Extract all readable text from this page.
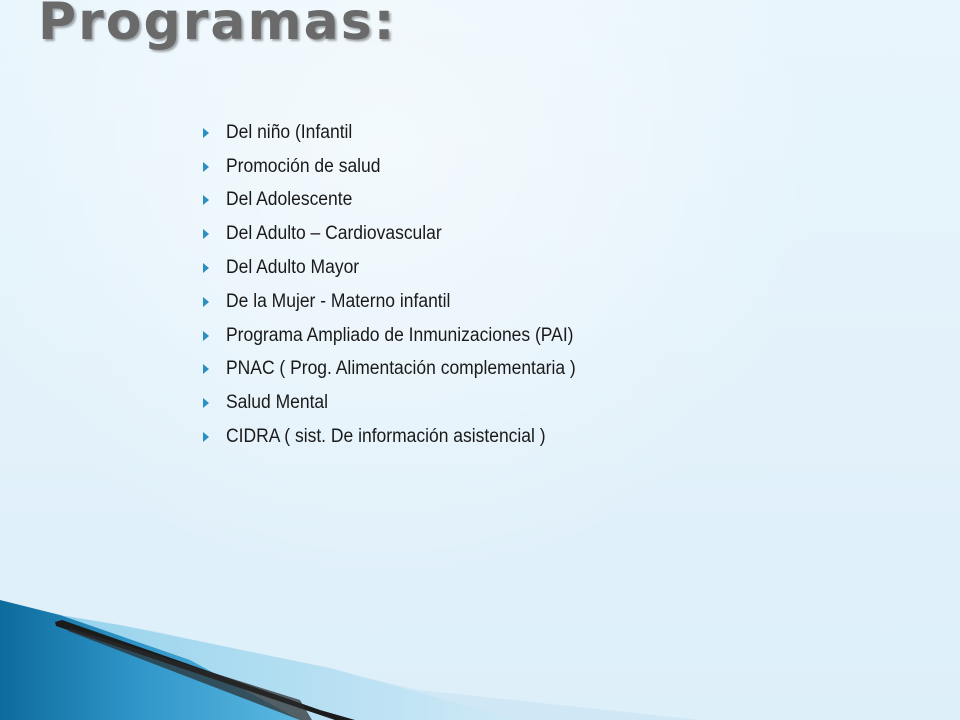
Programas:
Del niño (Infantil
Promoción de salud
Del Adolescente
Del Adulto – Cardiovascular
Del Adulto Mayor
De la Mujer - Materno infantil
Programa Ampliado de Inmunizaciones (PAI)
PNAC ( Prog. Alimentación complementaria )
Salud Mental
CIDRA ( sist. De información asistencial )
